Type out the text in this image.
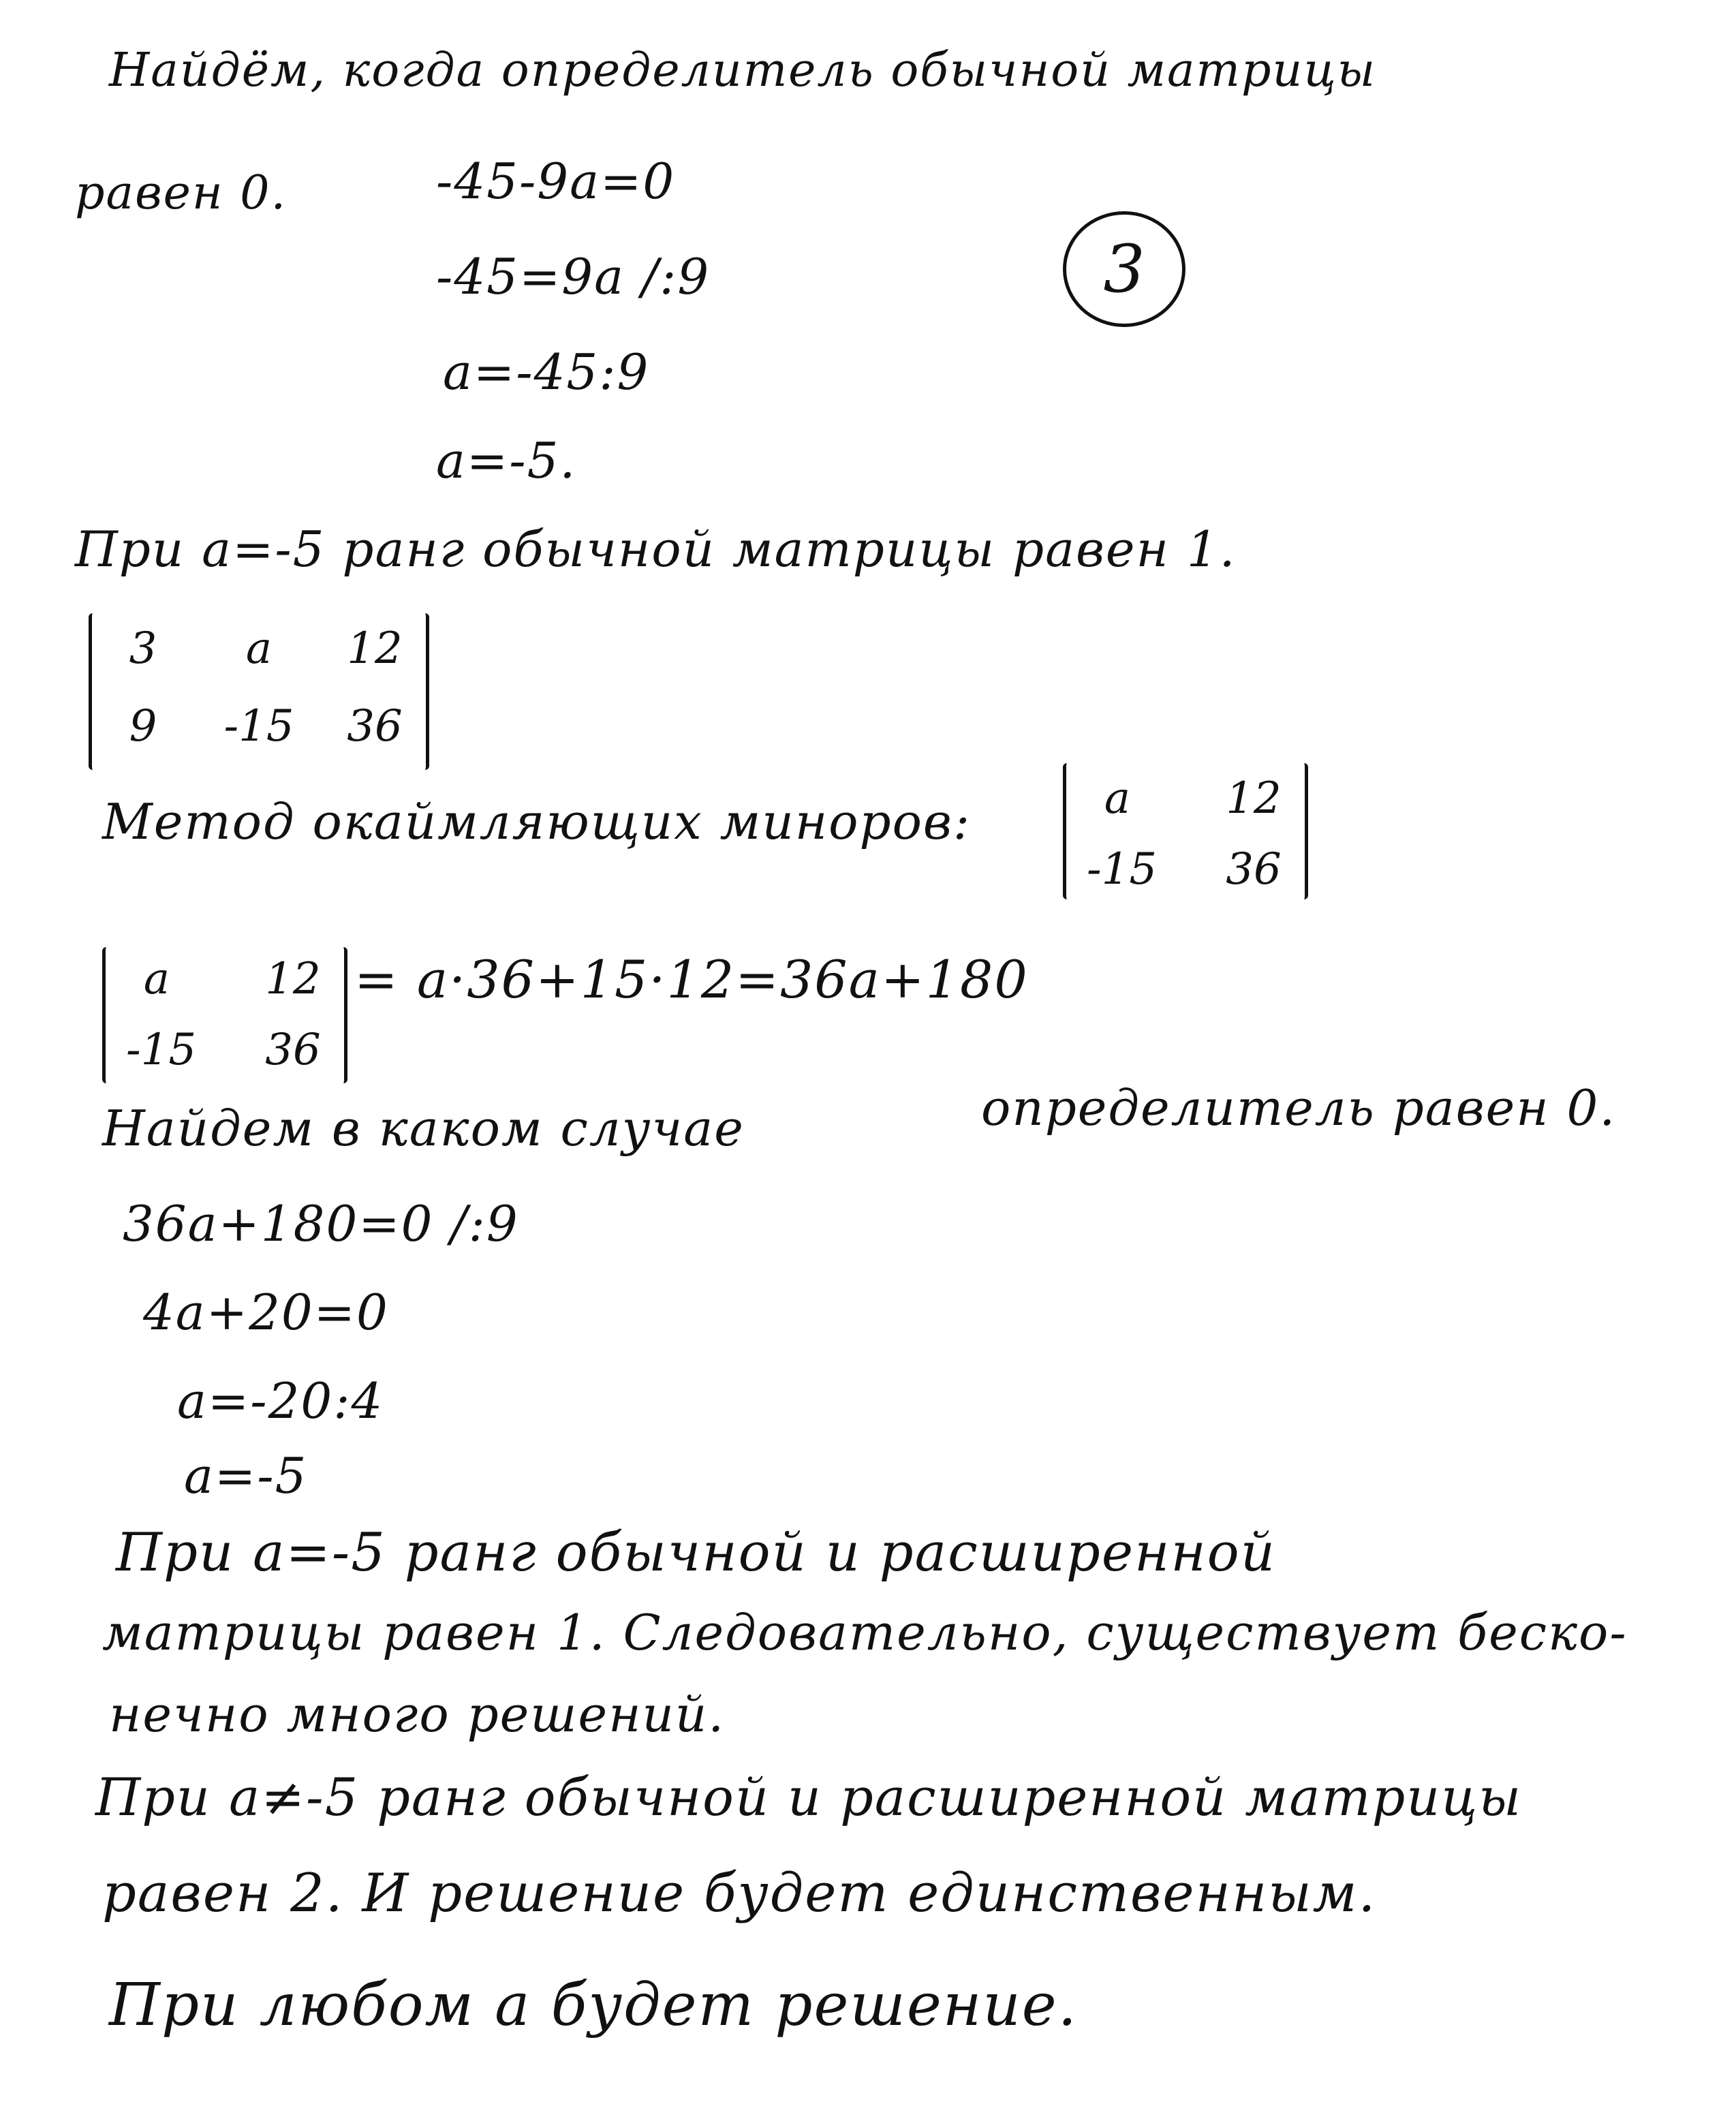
Найдём, когда определитель обычной матрицы
равен 0.	-45-9a=0
-45=9a /:9
a=-45:9
a=-5.
3
При a=-5 ранг обычной матрицы равен 1.
3	a	12
9	-15 36
Метод окаймляющих миноров:	a	12
-15 36
a	12
-15 36
= a·36+15·12=36a+180
Найдем в каком случае	определитель равен 0.
36a+180=0 /:9
4a+20=0
a=-20:4
a=-5
При a=-5 ранг обычной и расширенной
матрицы равен 1. Следовательно, существует беско-
нечно много решений.
При a≠-5 ранг обычной и расширенной матрицы
равен 2. И решение будет единственным.
При любом a будет решение.
